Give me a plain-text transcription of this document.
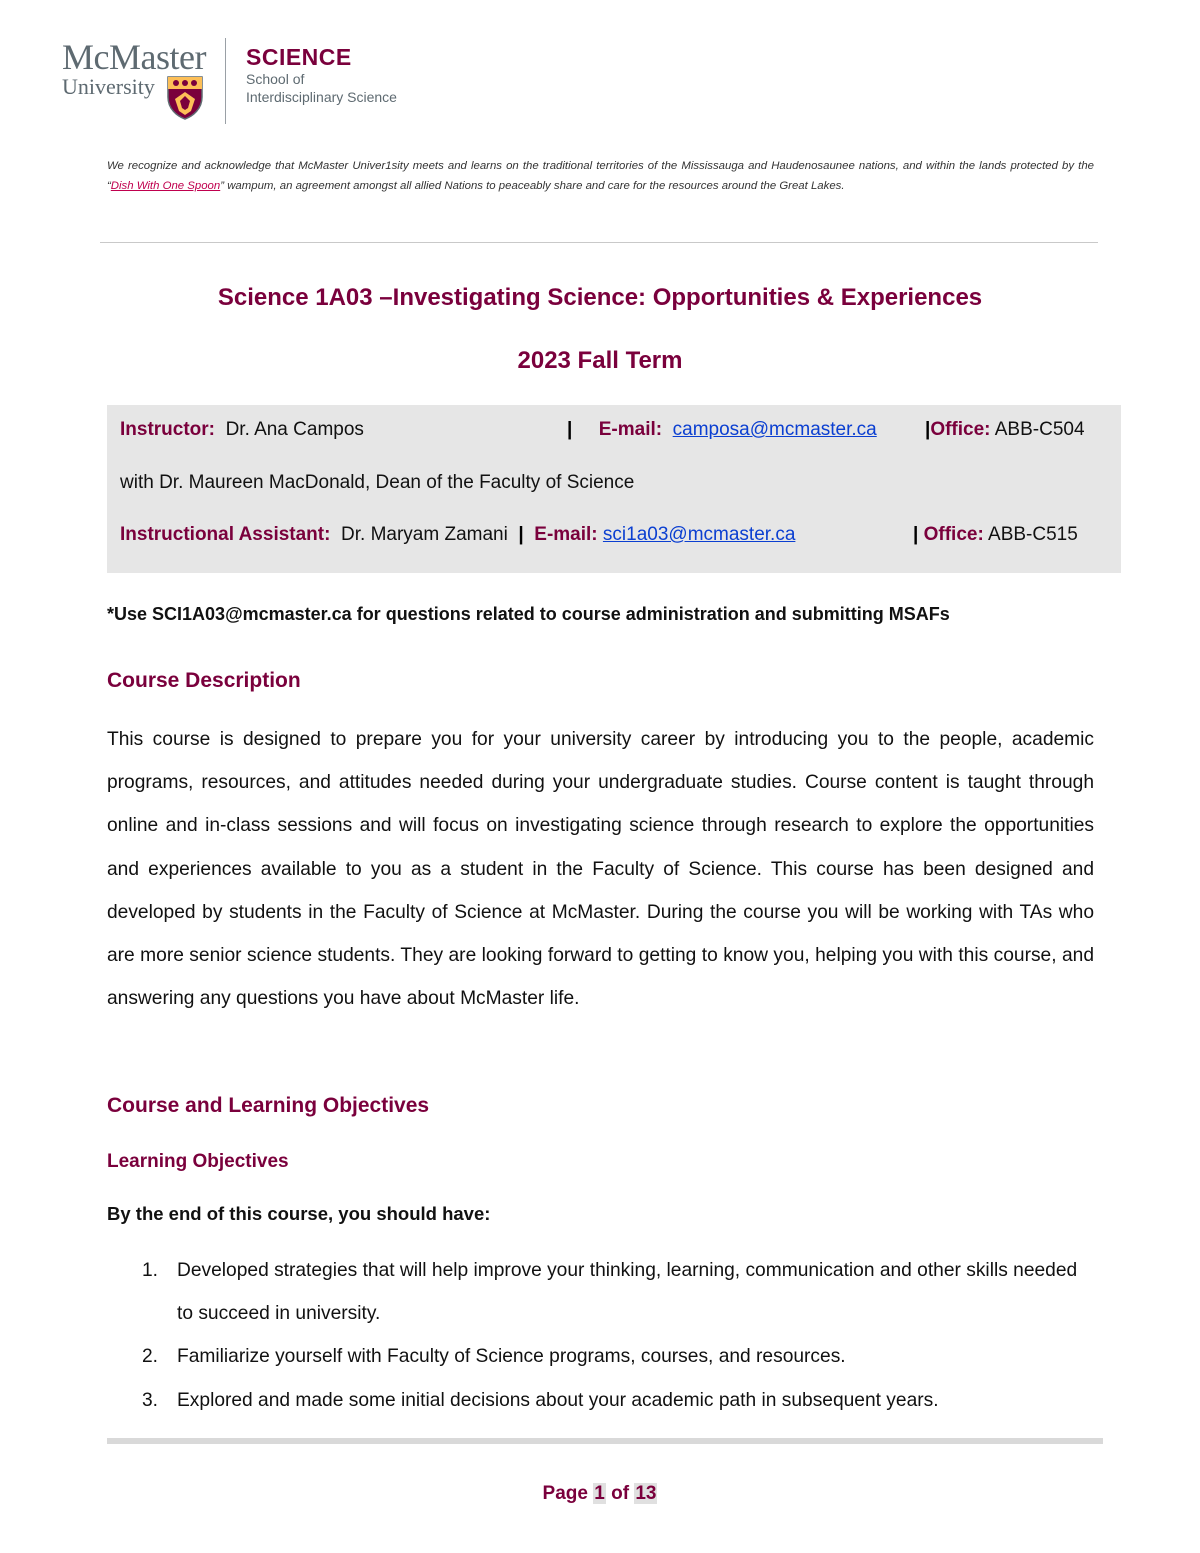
McMaster
University
SCIENCE
School of
Interdisciplinary Science
We recognize and acknowledge that McMaster Univer1sity meets and learns on the traditional territories of the Mississauga and Haudenosaunee nations, and within the lands protected by the “Dish With One Spoon” wampum, an agreement amongst all allied Nations to peaceably share and care for the resources around the Great Lakes.
Science 1A03 –Investigating Science: Opportunities & Experiences
2023 Fall Term
Instructor: Dr. Ana Campos	| E-mail: camposa@mcmaster.ca	|Office: ABB-C504
with Dr. Maureen MacDonald, Dean of the Faculty of Science
Instructional Assistant: Dr. Maryam Zamani | E-mail: sci1a03@mcmaster.ca	| Office: ABB-C515
*Use SCI1A03@mcmaster.ca for questions related to course administration and submitting MSAFs
Course Description
This course is designed to prepare you for your university career by introducing you to the people, academic programs, resources, and attitudes needed during your undergraduate studies. Course content is taught through online and in-class sessions and will focus on investigating science through research to explore the opportunities and experiences available to you as a student in the Faculty of Science. This course has been designed and developed by students in the Faculty of Science at McMaster. During the course you will be working with TAs who are more senior science students. They are looking forward to getting to know you, helping you with this course, and answering any questions you have about McMaster life.
Course and Learning Objectives
Learning Objectives
By the end of this course, you should have:
1. Developed strategies that will help improve your thinking, learning, communication and other skills needed to succeed in university.
2. Familiarize yourself with Faculty of Science programs, courses, and resources.
3. Explored and made some initial decisions about your academic path in subsequent years.
Page 1 of 13
